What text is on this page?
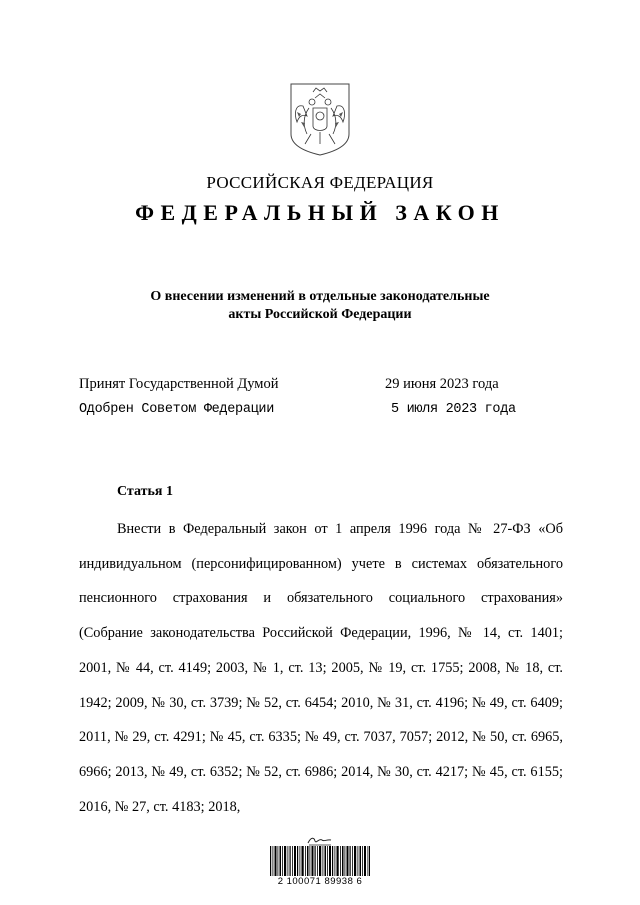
РОССИЙСКАЯ ФЕДЕРАЦИЯ
ФЕДЕРАЛЬНЫЙ ЗАКОН
О внесении изменений в отдельные законодательные
акты Российской Федерации
Принят Государственной Думой	29 июня 2023 года
Одобрен Советом Федерации	5 июля 2023 года
Статья 1

Внести в Федеральный закон от 1 апреля 1996 года № 27-ФЗ «Об индивидуальном (персонифицированном) учете в системах обязательного пенсионного страхования и обязательного социального страхования» (Собрание законодательства Российской Федерации, 1996, № 14, ст. 1401; 2001, № 44, ст. 4149; 2003, № 1, ст. 13; 2005, № 19, ст. 1755; 2008, № 18, ст. 1942; 2009, № 30, ст. 3739; № 52, ст. 6454; 2010, № 31, ст. 4196; № 49, ст. 6409; 2011, № 29, ст. 4291; № 45, ст. 6335; № 49, ст. 7037, 7057; 2012, № 50, ст. 6965, 6966; 2013, № 49, ст. 6352; № 52, ст. 6986; 2014, № 30, ст. 4217; № 45, ст. 6155; 2016, № 27, ст. 4183; 2018,

2 100071 89938 6
